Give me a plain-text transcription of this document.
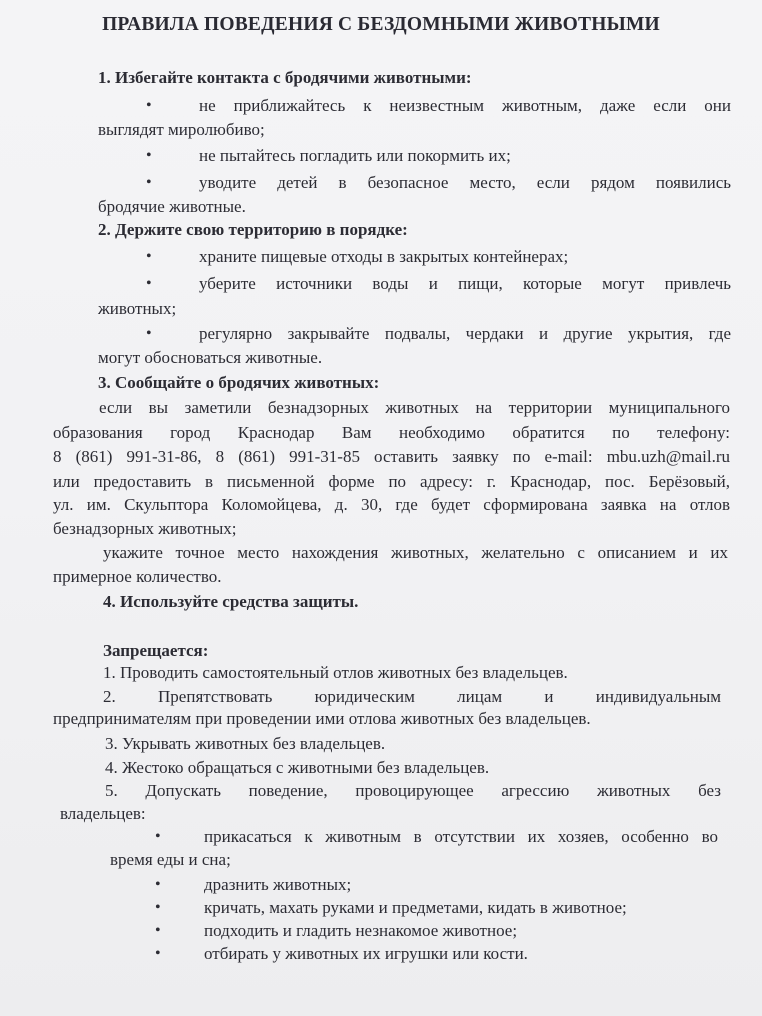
ПРАВИЛА ПОВЕДЕНИЯ С БЕЗДОМНЫМИ ЖИВОТНЫМИ
1. Избегайте контакта с бродячими животными:
•	не приближайтесь к неизвестным животным, даже если они
выглядят миролюбиво;
•	не пытайтесь погладить или покормить их;
•	уводите детей в безопасное место, если рядом появились
бродячие животные.
2. Держите свою территорию в порядке:
•	храните пищевые отходы в закрытых контейнерах;
•	уберите источники воды и пищи, которые могут привлечь
животных;
•	регулярно закрывайте подвалы, чердаки и другие укрытия, где
могут обосноваться животные.
3. Сообщайте о бродячих животных:
если вы заметили безнадзорных животных на территории муниципального
образования город Краснодар Вам необходимо обратится по телефону:
8 (861) 991-31-86, 8 (861) 991-31-85 оставить заявку по e-mail: mbu.uzh@mail.ru
или предоставить в письменной форме по адресу: г. Краснодар, пос. Берёзовый,
ул. им. Скульптора Коломойцева, д. 30, где будет сформирована заявка на отлов
безнадзорных животных;
укажите точное место нахождения животных, желательно с описанием и их
примерное количество.
4. Используйте средства защиты.
Запрещается:
1. Проводить самостоятельный отлов животных без владельцев.
2. Препятствовать юридическим лицам и индивидуальным
предпринимателям при проведении ими отлова животных без владельцев.
3. Укрывать животных без владельцев.
4. Жестоко обращаться с животными без владельцев.
5. Допускать поведение, провоцирующее агрессию животных без
владельцев:
•	прикасаться к животным в отсутствии их хозяев, особенно во
время еды и сна;
•	дразнить животных;
•	кричать, махать руками и предметами, кидать в животное;
•	подходить и гладить незнакомое животное;
•	отбирать у животных их игрушки или кости.
